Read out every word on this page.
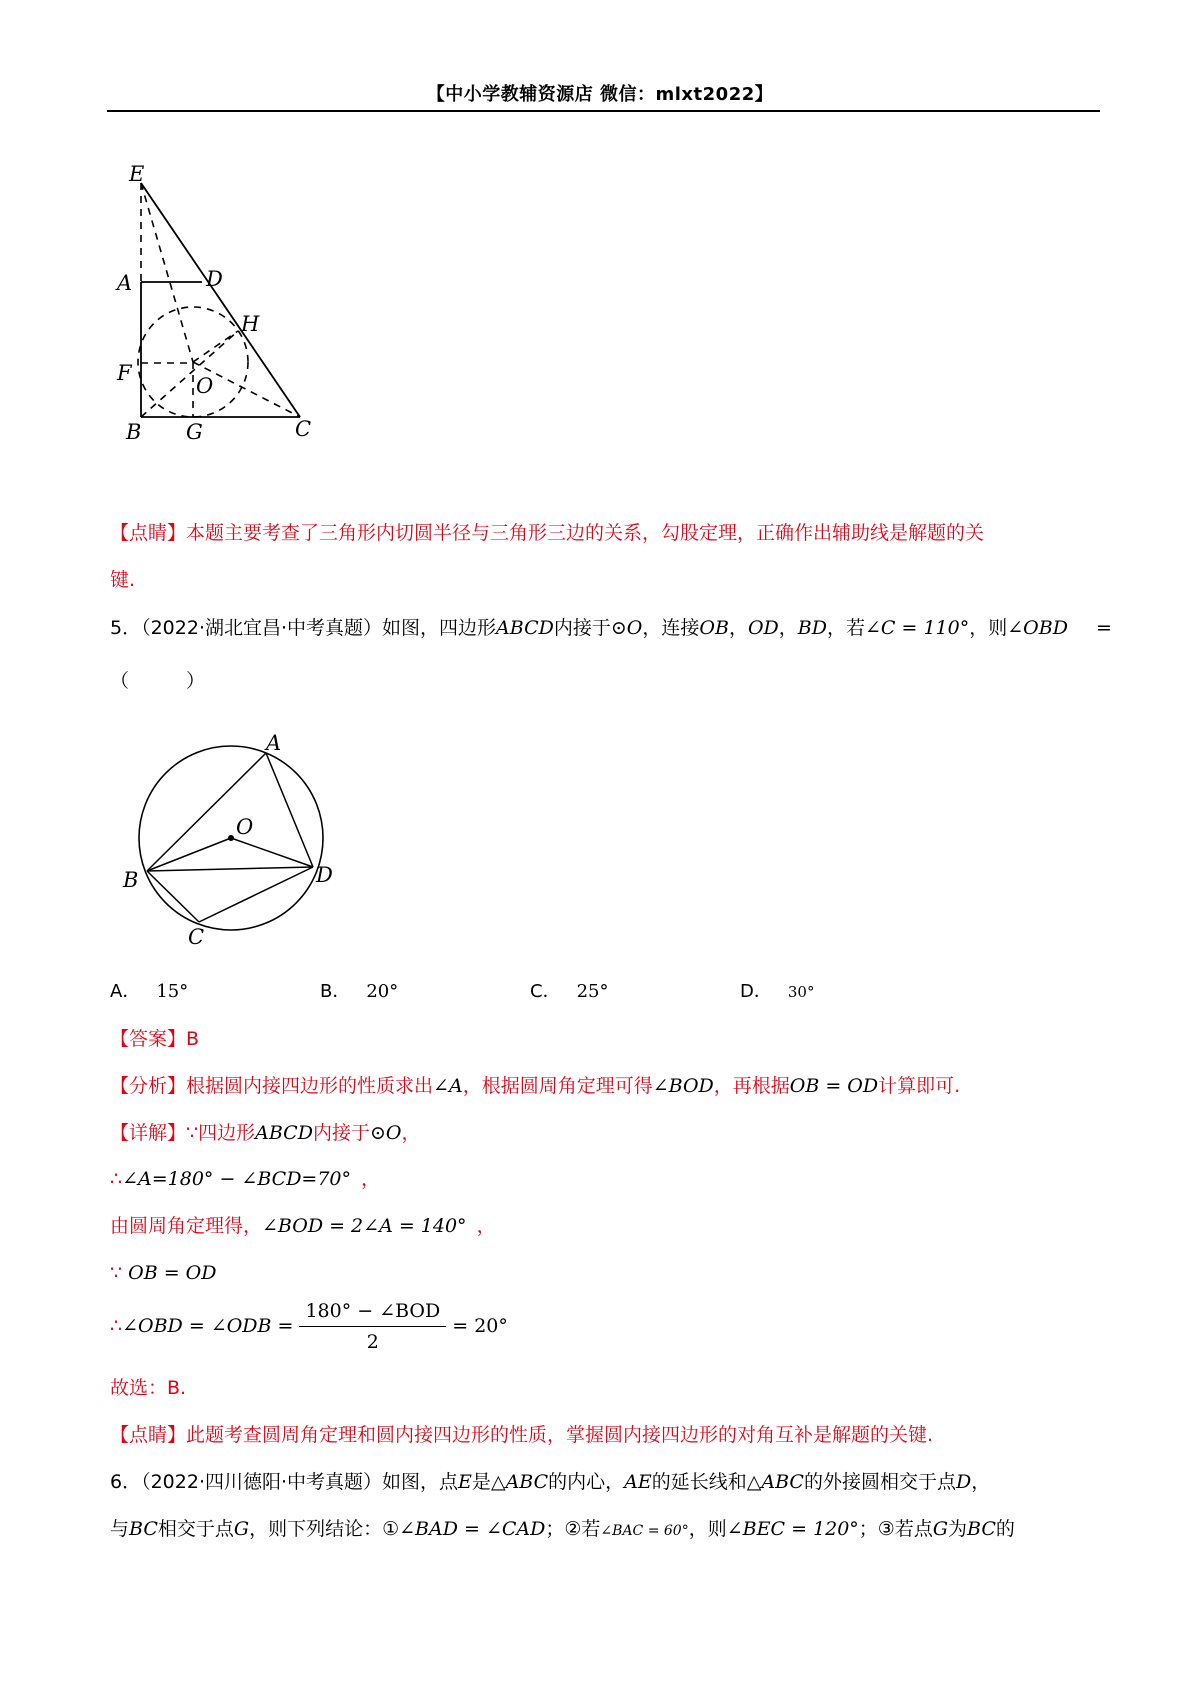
【中小学教辅资源店 微信：mlxt2022】
E
A	D
H
F
O
B G	C
【点睛】本题主要考查了三角形内切圆半径与三角形三边的关系，勾股定理，正确作出辅助线是解题的关
键.
5．（2022·湖北宜昌·中考真题）如图，四边形ABCD内接于⊙O，连接OB，OD，BD，若∠C = 110°，则∠OBD =
（　　　）
A
O
B	D
C
A． 15°	B． 20°	C． 25°	D． 30°
【答案】B
【分析】根据圆内接四边形的性质求出∠A，根据圆周角定理可得∠BOD，再根据OB = OD计算即可.
【详解】∵四边形ABCD内接于⊙O，
∴∠A=180° − ∠BCD=70° ，
由圆周角定理得，∠BOD = 2∠A = 140° ，
∵ OB = OD
∴∠OBD = ∠ODB = $\frac{\text{180° − ∠BOD}}{2} = 20^\circ$
故选：B.
【点睛】此题考查圆周角定理和圆内接四边形的性质，掌握圆内接四边形的对角互补是解题的关键.
6．（2022·四川德阳·中考真题）如图，点E是△ABC的内心，AE的延长线和△ABC的外接圆相交于点D，
与BC相交于点G，则下列结论：①∠BAD = ∠CAD；②若∠BAC = 60°，则∠BEC = 120°；③若点G为BC的
